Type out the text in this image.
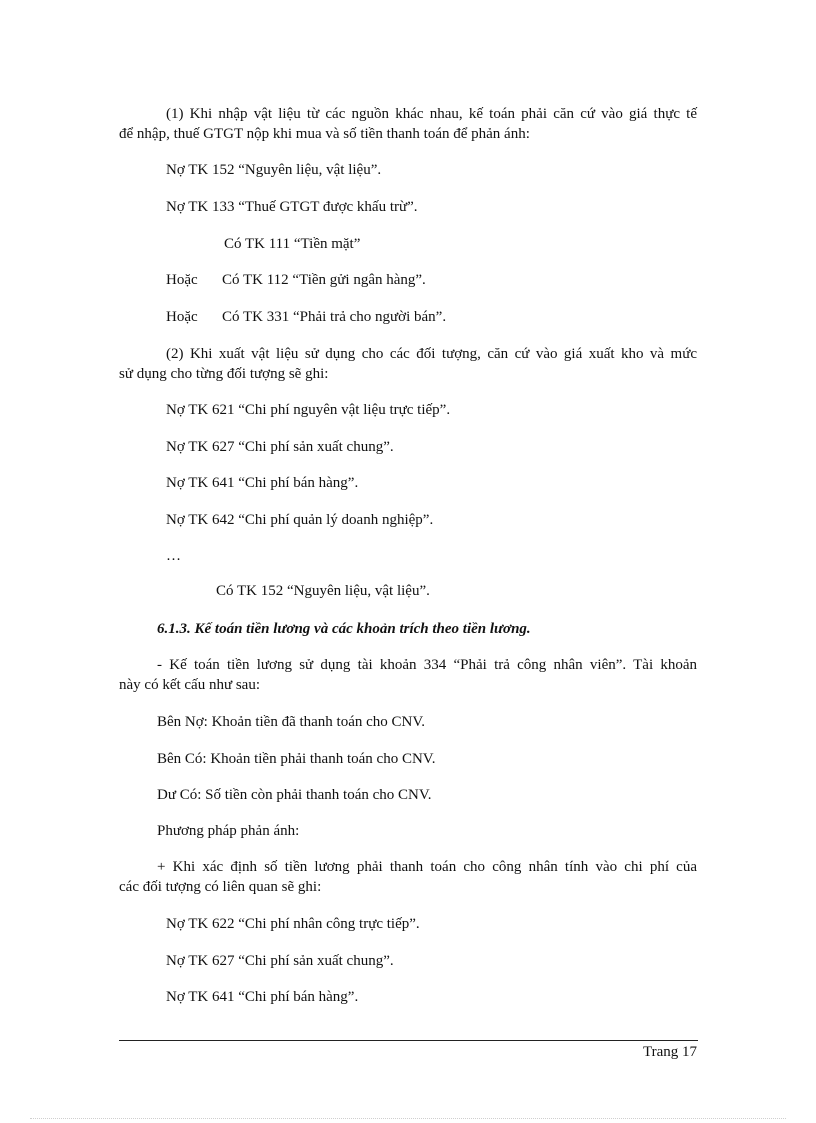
(1) Khi nhập vật liệu từ các nguồn khác nhau, kế toán phải căn cứ vào giá thực tế
để nhập, thuế GTGT nộp khi mua và số tiền thanh toán để phản ánh:
Nợ TK 152 “Nguyên liệu, vật liệu”.
Nợ TK 133 “Thuế GTGT được khấu trừ”.
Có TK 111 “Tiền mặt”
Hoặc Có TK 112 “Tiền gửi ngân hàng”.
Hoặc Có TK 331 “Phải trả cho người bán”.
(2) Khi xuất vật liệu sử dụng cho các đối tượng, căn cứ vào giá xuất kho và mức
sử dụng cho từng đối tượng sẽ ghi:
Nợ TK 621 “Chi phí nguyên vật liệu trực tiếp”.
Nợ TK 627 “Chi phí sản xuất chung”.
Nợ TK 641 “Chi phí bán hàng”.
Nợ TK 642 “Chi phí quản lý doanh nghiệp”.
…
Có TK 152 “Nguyên liệu, vật liệu”.
6.1.3. Kế toán tiền lương và các khoản trích theo tiền lương.
- Kế toán tiền lương sử dụng tài khoản 334 “Phải trả công nhân viên”. Tài khoản
này có kết cấu như sau:
Bên Nợ: Khoản tiền đã thanh toán cho CNV.
Bên Có: Khoản tiền phải thanh toán cho CNV.
Dư Có: Số tiền còn phải thanh toán cho CNV.
Phương pháp phản ánh:
+ Khi xác định số tiền lương phải thanh toán cho công nhân tính vào chi phí của
các đối tượng có liên quan sẽ ghi:
Nợ TK 622 “Chi phí nhân công trực tiếp”.
Nợ TK 627 “Chi phí sản xuất chung”.
Nợ TK 641 “Chi phí bán hàng”.
Trang 17
